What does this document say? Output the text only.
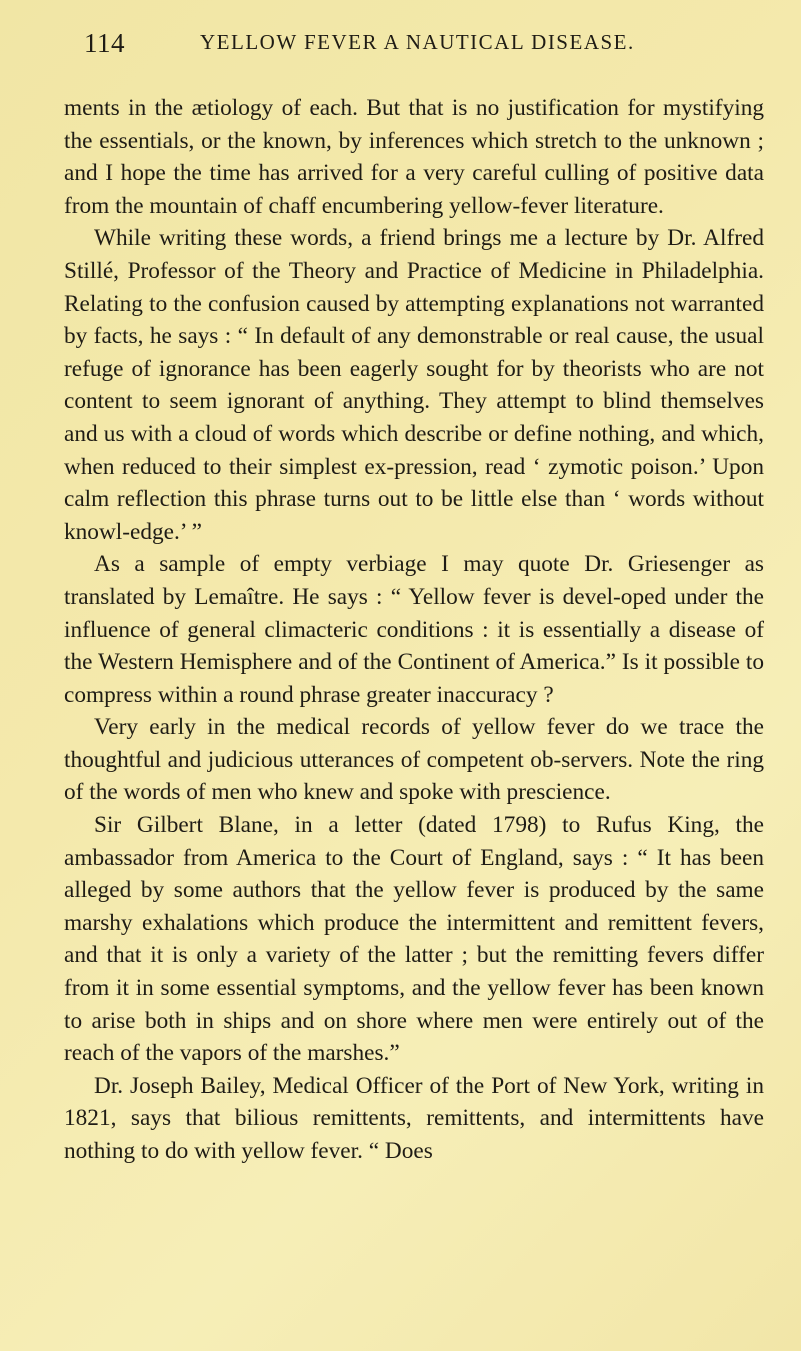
114	YELLOW FEVER A NAUTICAL DISEASE.

ments in the ætiology of each. But that is no justification for mystifying the essentials, or the known, by inferences which stretch to the unknown ; and I hope the time has arrived for a very careful culling of positive data from the mountain of chaff encumbering yellow-fever literature.

While writing these words, a friend brings me a lecture by Dr. Alfred Stillé, Professor of the Theory and Practice of Medicine in Philadelphia. Relating to the confusion caused by attempting explanations not warranted by facts, he says : “ In default of any demonstrable or real cause, the usual refuge of ignorance has been eagerly sought for by theorists who are not content to seem ignorant of anything. They attempt to blind themselves and us with a cloud of words which describe or define nothing, and which, when reduced to their simplest ex-pression, read ‘ zymotic poison.’ Upon calm reflection this phrase turns out to be little else than ‘ words without knowl-edge.’ ”

As a sample of empty verbiage I may quote Dr. Griesenger as translated by Lemaître. He says : “ Yellow fever is devel-oped under the influence of general climacteric conditions : it is essentially a disease of the Western Hemisphere and of the Continent of America.” Is it possible to compress within a round phrase greater inaccuracy ?

Very early in the medical records of yellow fever do we trace the thoughtful and judicious utterances of competent ob-servers. Note the ring of the words of men who knew and spoke with prescience.

Sir Gilbert Blane, in a letter (dated 1798) to Rufus King, the ambassador from America to the Court of England, says : “ It has been alleged by some authors that the yellow fever is produced by the same marshy exhalations which produce the intermittent and remittent fevers, and that it is only a variety of the latter ; but the remitting fevers differ from it in some essential symptoms, and the yellow fever has been known to arise both in ships and on shore where men were entirely out of the reach of the vapors of the marshes.”

Dr. Joseph Bailey, Medical Officer of the Port of New York, writing in 1821, says that bilious remittents, remittents, and intermittents have nothing to do with yellow fever. “ Does
